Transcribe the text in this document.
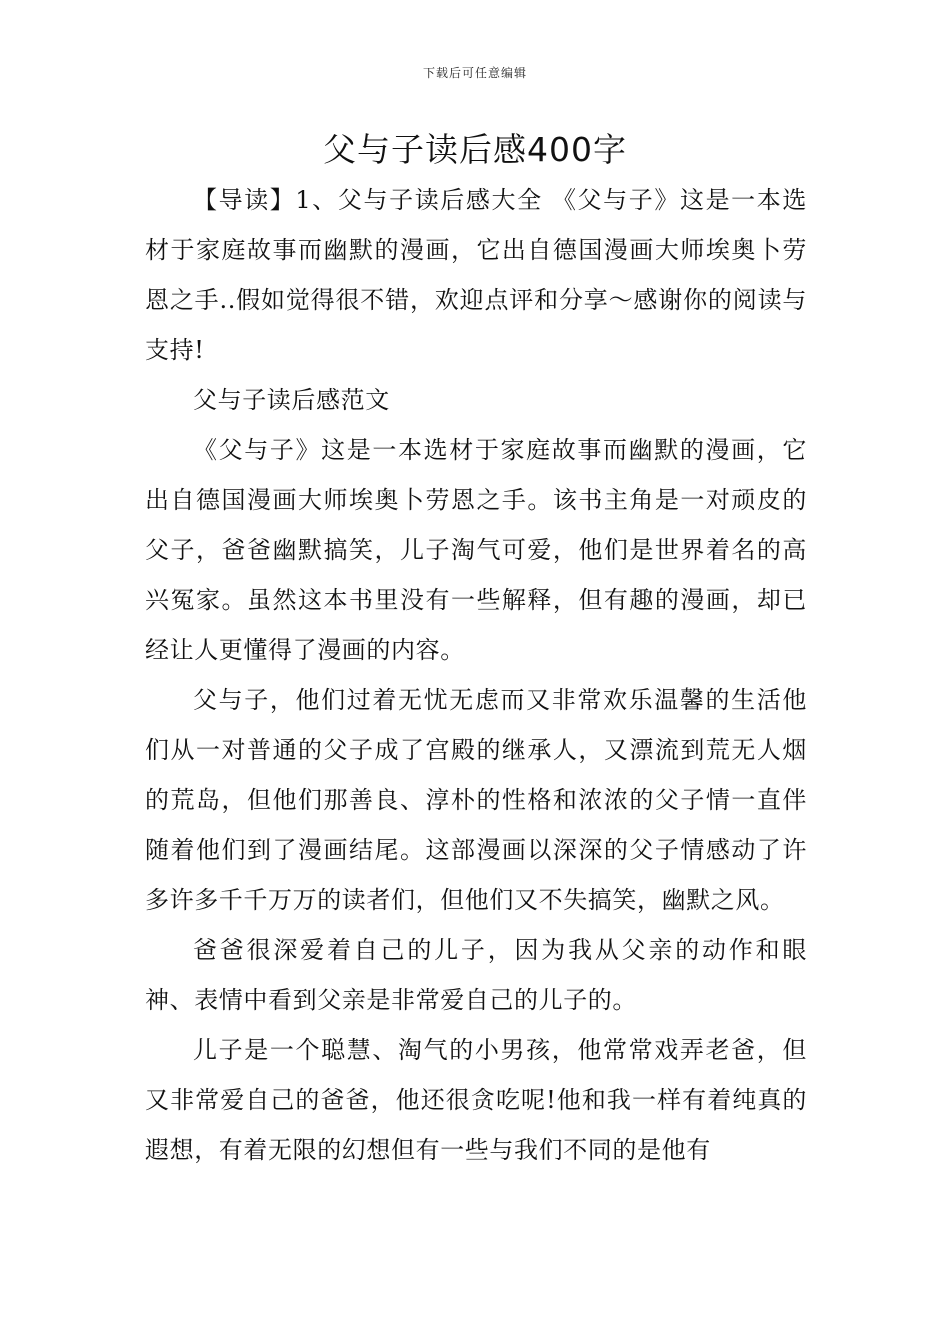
下载后可任意编辑
父与子读后感400字

【导读】1、父与子读后感大全 《父与子》这是一本选材于家庭故事而幽默的漫画，它出自德国漫画大师埃奥卜劳恩之手..假如觉得很不错，欢迎点评和分享～感谢你的阅读与支持!

父与子读后感范文

《父与子》这是一本选材于家庭故事而幽默的漫画，它出自德国漫画大师埃奥卜劳恩之手。该书主角是一对顽皮的父子，爸爸幽默搞笑，儿子淘气可爱，他们是世界着名的高兴冤家。虽然这本书里没有一些解释，但有趣的漫画，却已经让人更懂得了漫画的内容。

父与子，他们过着无忧无虑而又非常欢乐温馨的生活他们从一对普通的父子成了宫殿的继承人，又漂流到荒无人烟的荒岛，但他们那善良、淳朴的性格和浓浓的父子情一直伴随着他们到了漫画结尾。这部漫画以深深的父子情感动了许多许多千千万万的读者们，但他们又不失搞笑，幽默之风。

爸爸很深爱着自己的儿子，因为我从父亲的动作和眼神、表情中看到父亲是非常爱自己的儿子的。

儿子是一个聪慧、淘气的小男孩，他常常戏弄老爸，但又非常爱自己的爸爸，他还很贪吃呢!他和我一样有着纯真的遐想，有着无限的幻想但有一些与我们不同的是他有
